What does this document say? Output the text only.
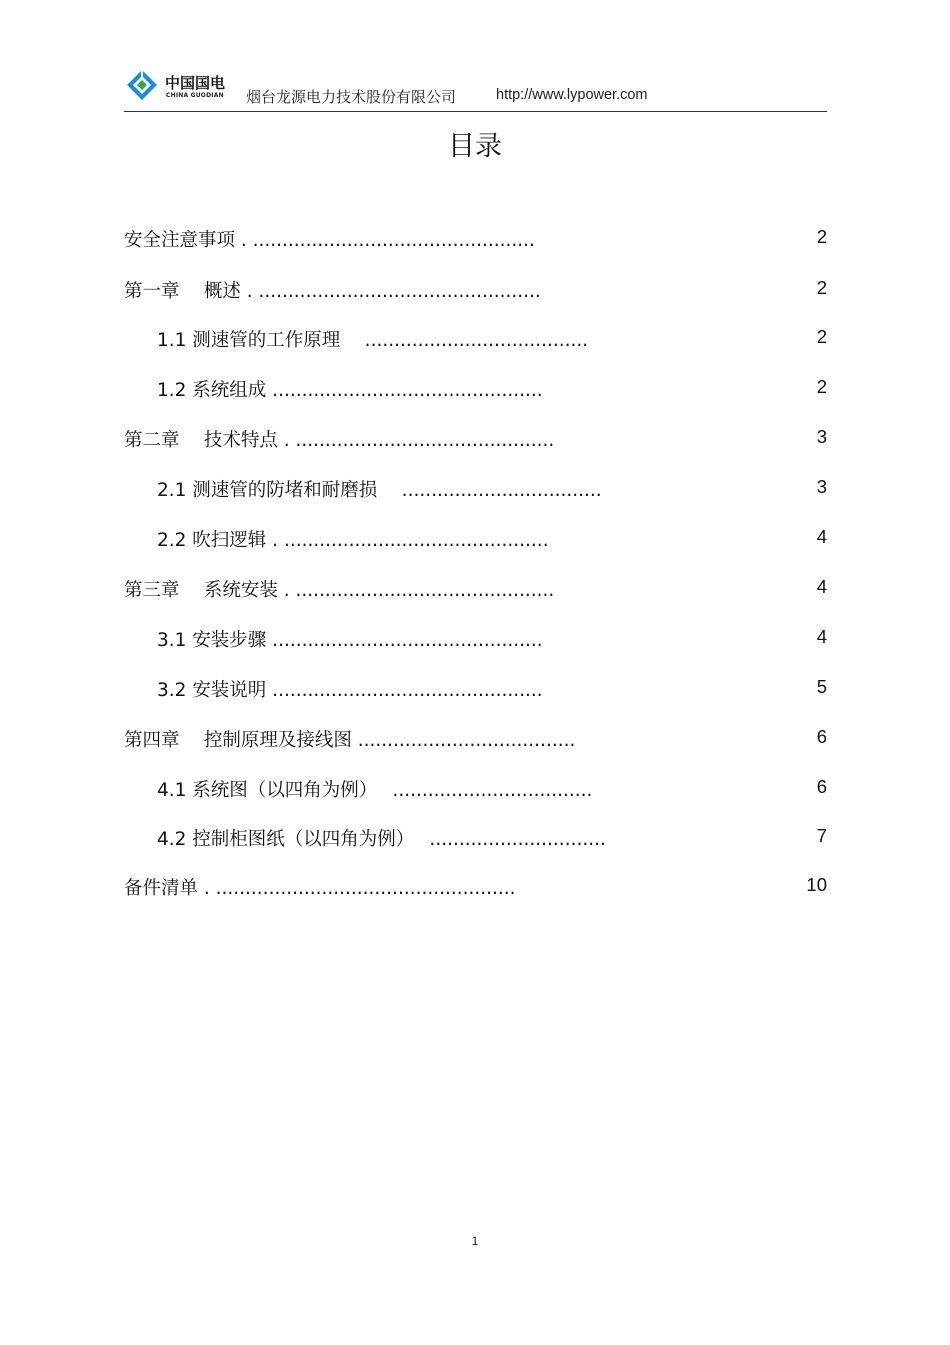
中国国电
CHINA GUODIAN 烟台龙源电力技术股份有限公司	http://www.lypower.com
目录
安全注意事项 . ................................................	2
第一章　 概述 . ................................................	2
1.1 测速管的工作原理　 ......................................	2
1.2 系统组成 ..............................................	2
第二章　 技术特点 . ............................................	3
2.1 测速管的防堵和耐磨损　 ..................................	3
2.2 吹扫逻辑 . .............................................	4
第三章　 系统安装 . ............................................	4
3.1 安装步骤 ..............................................	4
3.2 安装说明 ..............................................	5
第四章　 控制原理及接线图 .....................................	6
4.1 系统图（以四角为例）　 ..................................	6
4.2 控制柜图纸（以四角为例）　 ..............................	7
备件清单 . ...................................................	10
1
